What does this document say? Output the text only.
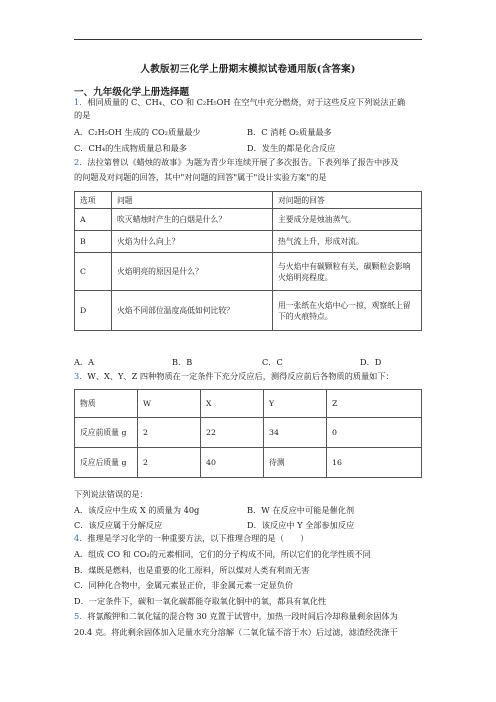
人教版初三化学上册期末模拟试卷通用版(含答案)
一、九年级化学上册选择题
1．相同质量的 C、CH₄、CO 和 C₂H₅OH 在空气中充分燃烧，对于这些反应下列说法正确
的是
A．C₂H₅OH 生成的 CO₂质量最少	B．C 消耗 O₂质量最多
C．CH₄的生成物质量总和最多	D．发生的都是化合反应
2．法拉第曾以《蜡烛的故事》为题为青少年连续开展了多次报告。下表列举了报告中涉及
的问题及对问题的回答，其中"对问题的回答"属于"设计实验方案"的是
选项	问题	对问题的回答
A	吹灭蜡烛时产生的白烟是什么？	主要成分是烛油蒸气。
B	火焰为什么向上？	热气流上升，形成对流。
C	火焰明亮的原因是什么？	与火焰中有碳颗粒有关，碳颗粒会影响
火焰明亮程度。

D	火焰不同部位温度高低如何比较？	用一张纸在火焰中心一掠，观察纸上留
下的火痕特点。
A．A	B．B	C．C	D．D
3．W、X、Y、Z 四种物质在一定条件下充分反应后，测得反应前后各物质的质量如下：
物质	W	X	Y	Z
反应前质量 g	2	22	34	0
反应后质量 g	2	40	待测	16
下列说法错误的是：
A．该反应中生成 X 的质量为 40g	B．W 在反应中可能是催化剂
C．该反应属于分解反应	D．该反应中 Y 全部参加反应
4．推理是学习化学的一种重要方法，以下推理合理的是（　　）
A．组成 CO 和 CO₂的元素相同，它们的分子构成不同，所以它们的化学性质不同
B．煤既是燃料，也是重要的化工原料，所以煤对人类有利而无害
C．同种化合物中，金属元素显正价，非金属元素一定显负价
D．一定条件下，碳和一氧化碳都能夺取氧化铜中的氧，都具有氧化性
5．将氯酸钾和二氧化锰的混合物 30 克置于试管中，加热一段时间后冷却称量剩余固体为
20.4 克。将此剩余固体加入足量水充分溶解（二氧化锰不溶于水）后过滤，滤渣经洗涤干
